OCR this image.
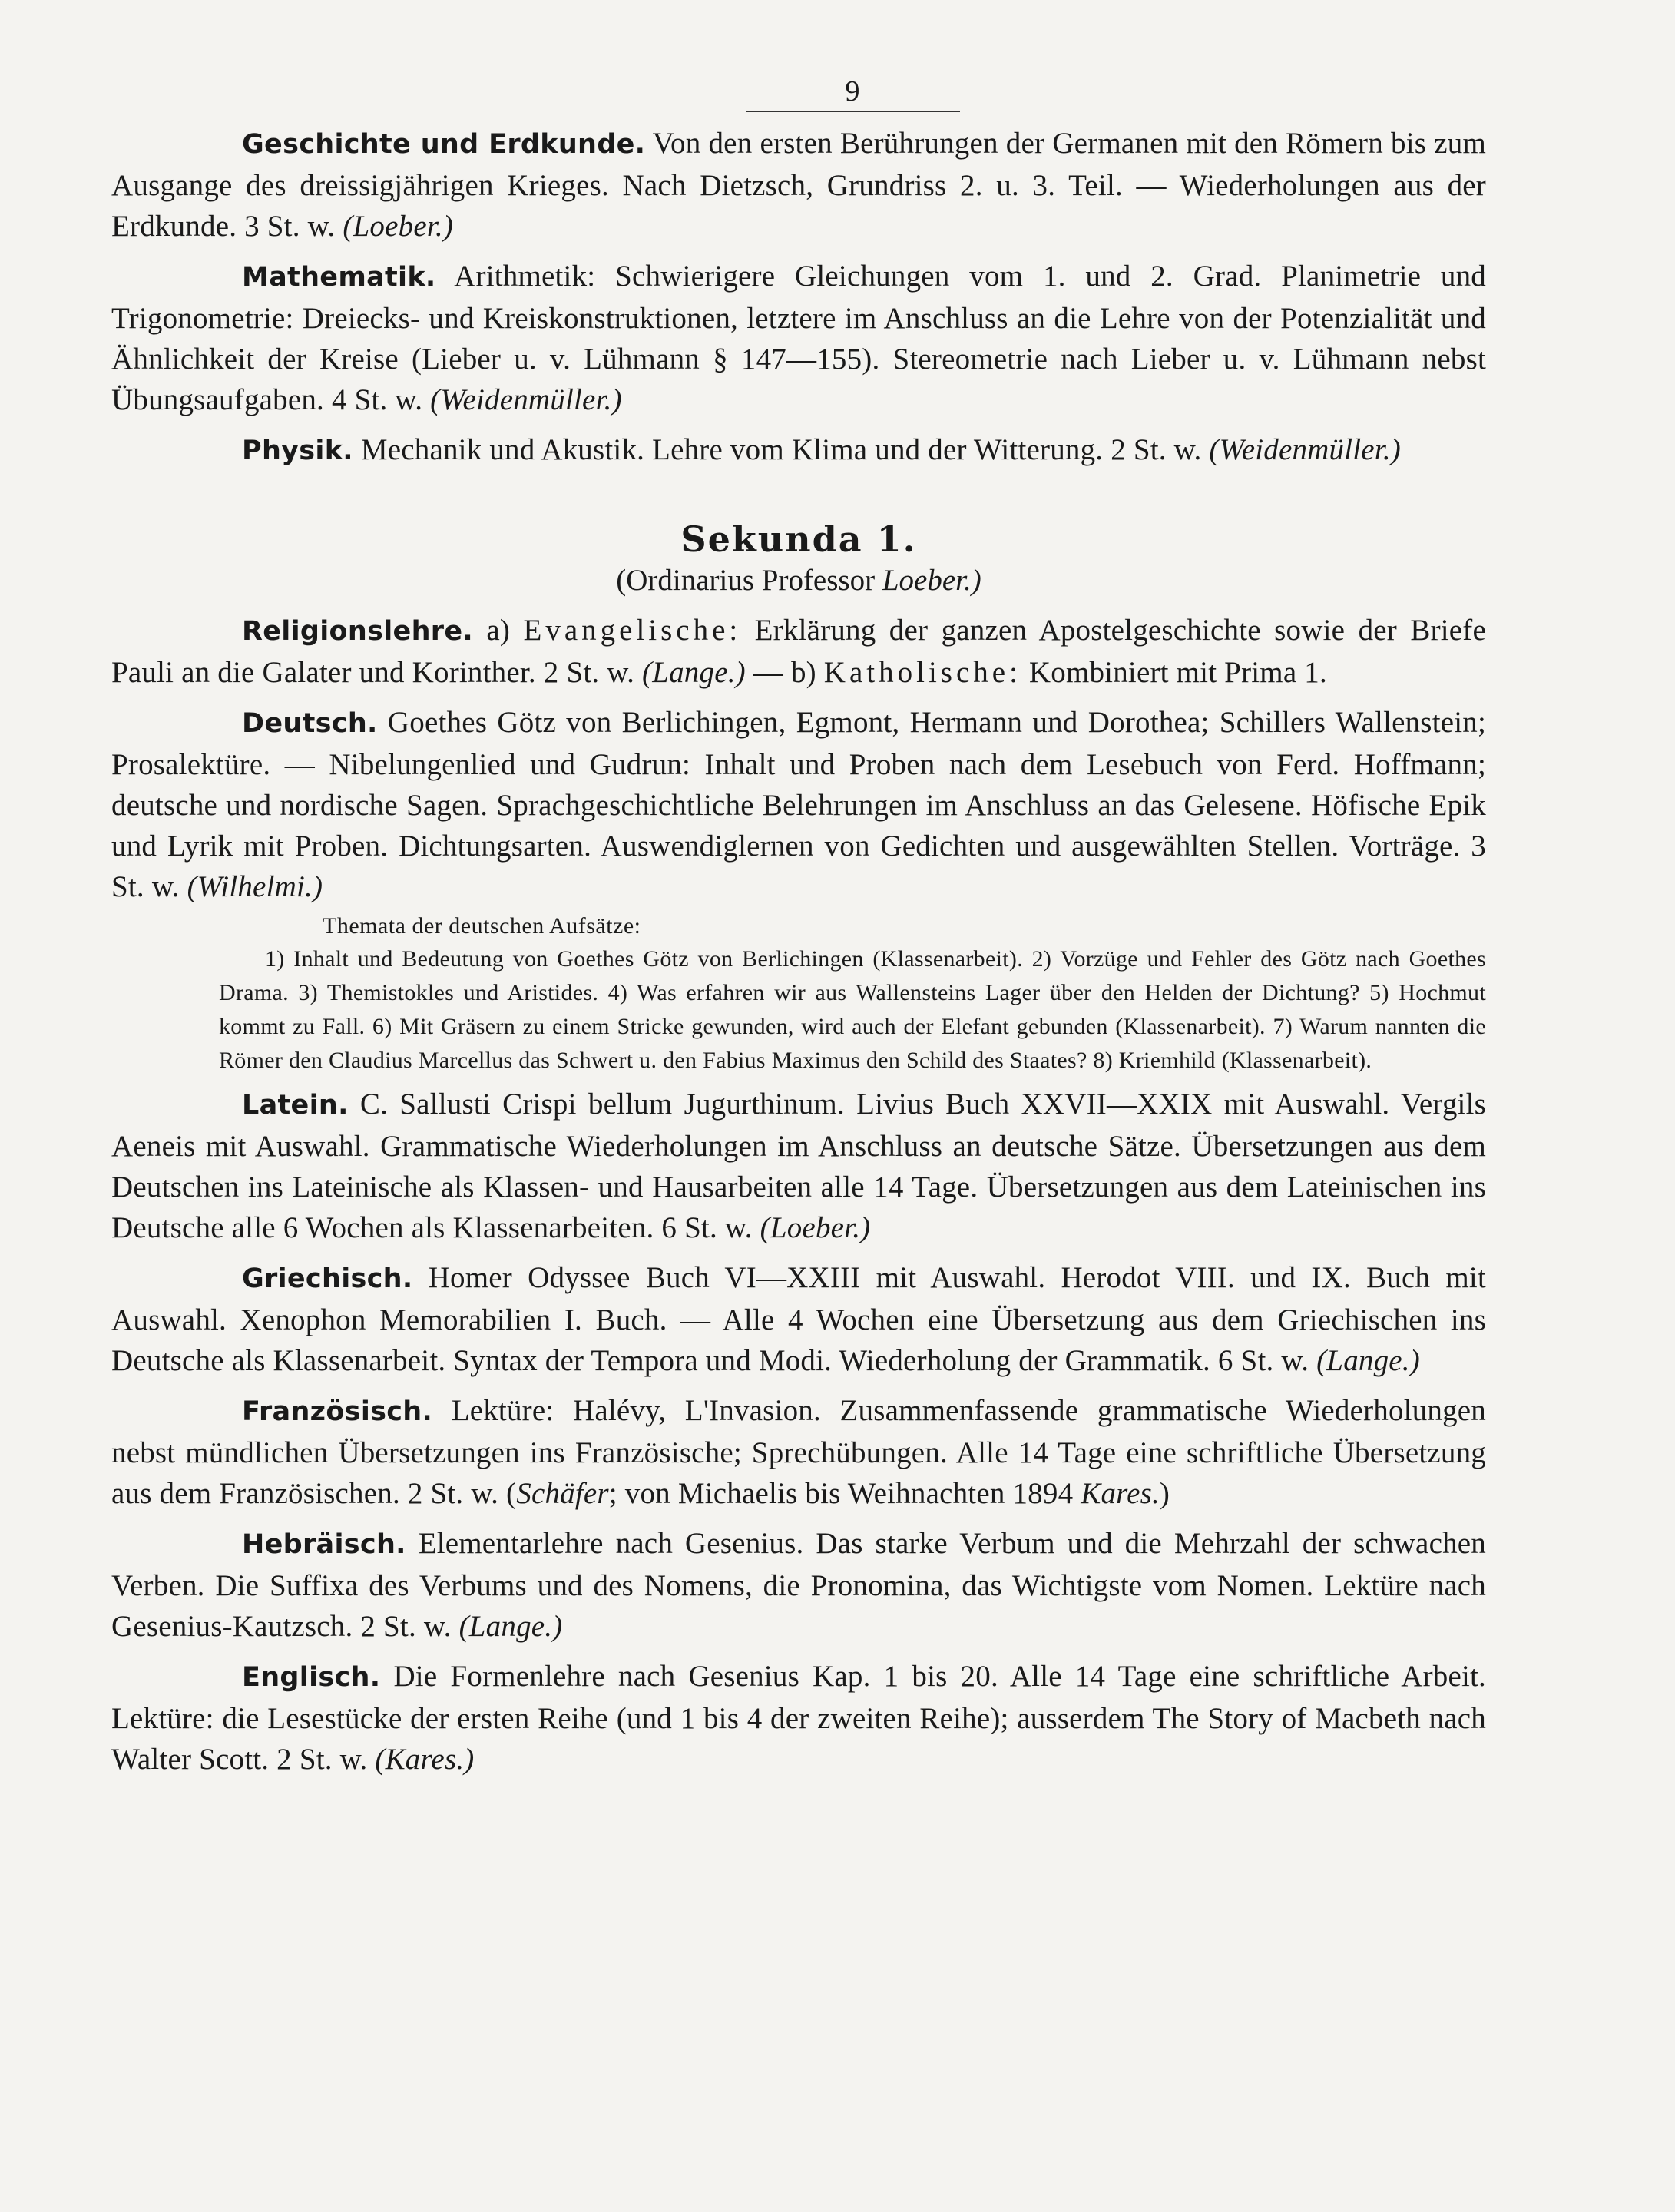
9

Geschichte und Erdkunde. Von den ersten Berührungen der Germanen mit den Römern bis zum Ausgange des dreissigjährigen Krieges. Nach Dietzsch, Grundriss 2. u. 3. Teil. — Wiederholungen aus der Erdkunde. 3 St. w. (Loeber.)

Mathematik. Arithmetik: Schwierigere Gleichungen vom 1. und 2. Grad. Planimetrie und Trigonometrie: Dreiecks- und Kreiskonstruktionen, letztere im Anschluss an die Lehre von der Potenzialität und Ähnlichkeit der Kreise (Lieber u. v. Lühmann § 147—155). Stereometrie nach Lieber u. v. Lühmann nebst Übungsaufgaben. 4 St. w. (Weidenmüller.)

Physik. Mechanik und Akustik. Lehre vom Klima und der Witterung. 2 St. w. (Weidenmüller.)

Sekunda 1.
(Ordinarius Professor Loeber.)

Religionslehre. a) Evangelische: Erklärung der ganzen Apostelgeschichte sowie der Briefe Pauli an die Galater und Korinther. 2 St. w. (Lange.) — b) Katholische: Kombiniert mit Prima 1.

Deutsch. Goethes Götz von Berlichingen, Egmont, Hermann und Dorothea; Schillers Wallenstein; Prosalektüre. — Nibelungenlied und Gudrun: Inhalt und Proben nach dem Lesebuch von Ferd. Hoffmann; deutsche und nordische Sagen. Sprachgeschichtliche Belehrungen im Anschluss an das Gelesene. Höfische Epik und Lyrik mit Proben. Dichtungsarten. Auswendiglernen von Gedichten und ausgewählten Stellen. Vorträge. 3 St. w. (Wilhelmi.)

Themata der deutschen Aufsätze:

1) Inhalt und Bedeutung von Goethes Götz von Berlichingen (Klassenarbeit). 2) Vorzüge und Fehler des Götz nach Goethes Drama. 3) Themistokles und Aristides. 4) Was erfahren wir aus Wallensteins Lager über den Helden der Dichtung? 5) Hochmut kommt zu Fall. 6) Mit Gräsern zu einem Stricke gewunden, wird auch der Elefant gebunden (Klassenarbeit). 7) Warum nannten die Römer den Claudius Marcellus das Schwert u. den Fabius Maximus den Schild des Staates? 8) Kriemhild (Klassenarbeit).

Latein. C. Sallusti Crispi bellum Jugurthinum. Livius Buch XXVII—XXIX mit Auswahl. Vergils Aeneis mit Auswahl. Grammatische Wiederholungen im Anschluss an deutsche Sätze. Übersetzungen aus dem Deutschen ins Lateinische als Klassen- und Hausarbeiten alle 14 Tage. Übersetzungen aus dem Lateinischen ins Deutsche alle 6 Wochen als Klassenarbeiten. 6 St. w. (Loeber.)

Griechisch. Homer Odyssee Buch VI—XXIII mit Auswahl. Herodot VIII. und IX. Buch mit Auswahl. Xenophon Memorabilien I. Buch. — Alle 4 Wochen eine Übersetzung aus dem Griechischen ins Deutsche als Klassenarbeit. Syntax der Tempora und Modi. Wiederholung der Grammatik. 6 St. w. (Lange.)

Französisch. Lektüre: Halévy, L'Invasion. Zusammenfassende grammatische Wiederholungen nebst mündlichen Übersetzungen ins Französische; Sprechübungen. Alle 14 Tage eine schriftliche Übersetzung aus dem Französischen. 2 St. w. (Schäfer; von Michaelis bis Weihnachten 1894 Kares.)

Hebräisch. Elementarlehre nach Gesenius. Das starke Verbum und die Mehrzahl der schwachen Verben. Die Suffixa des Verbums und des Nomens, die Pronomina, das Wichtigste vom Nomen. Lektüre nach Gesenius-Kautzsch. 2 St. w. (Lange.)

Englisch. Die Formenlehre nach Gesenius Kap. 1 bis 20. Alle 14 Tage eine schriftliche Arbeit. Lektüre: die Lesestücke der ersten Reihe (und 1 bis 4 der zweiten Reihe); ausserdem The Story of Macbeth nach Walter Scott. 2 St. w. (Kares.)
